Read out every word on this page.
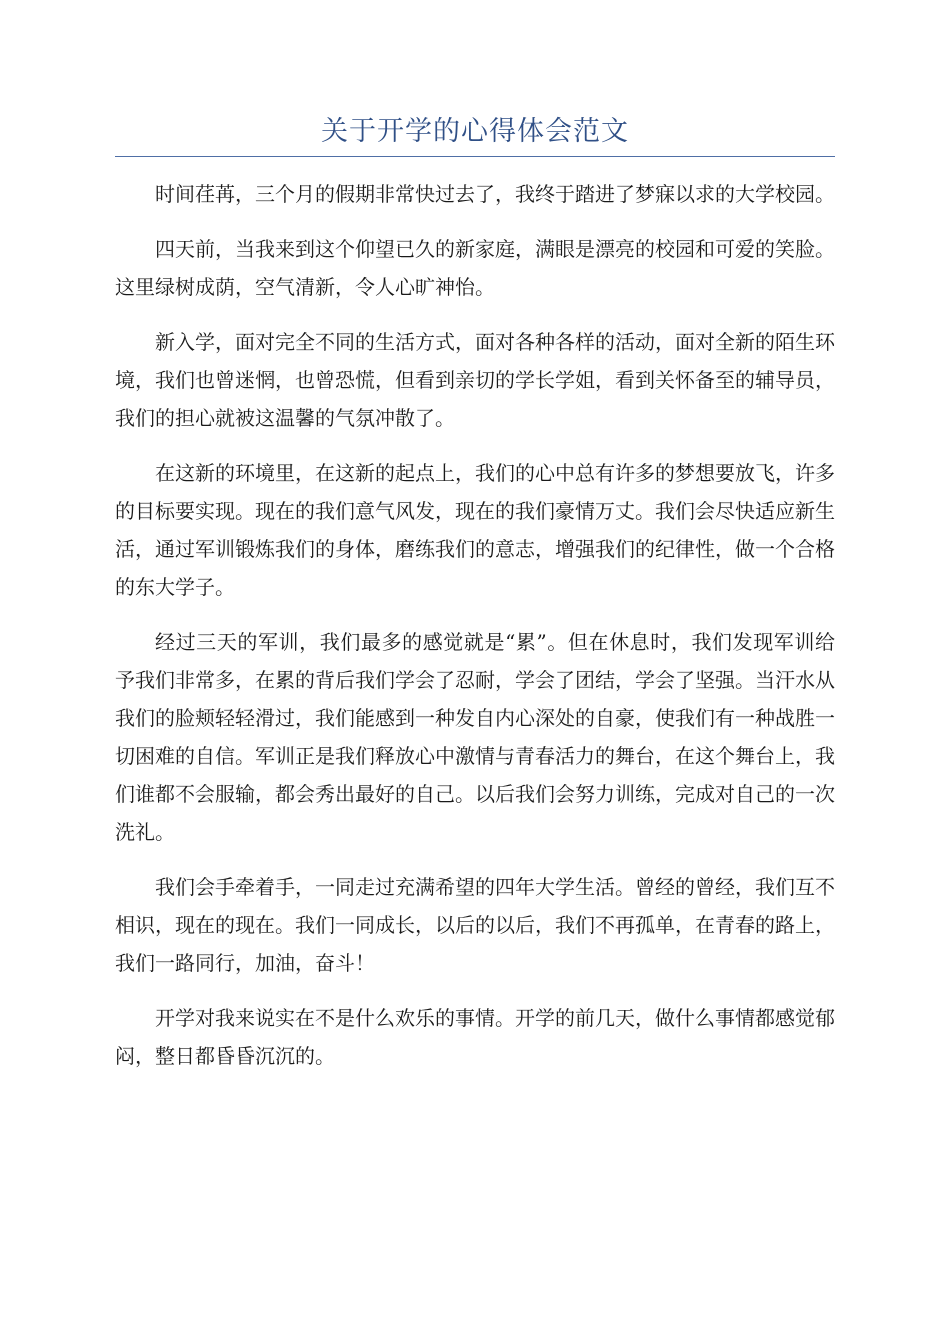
关于开学的心得体会范文

时间荏苒，三个月的假期非常快过去了，我终于踏进了梦寐以求的大学校园。

四天前，当我来到这个仰望已久的新家庭，满眼是漂亮的校园和可爱的笑脸。这里绿树成荫，空气清新，令人心旷神怡。

新入学，面对完全不同的生活方式，面对各种各样的活动，面对全新的陌生环境，我们也曾迷惘，也曾恐慌，但看到亲切的学长学姐，看到关怀备至的辅导员，我们的担心就被这温馨的气氛冲散了。

在这新的环境里，在这新的起点上，我们的心中总有许多的梦想要放飞，许多的目标要实现。现在的我们意气风发，现在的我们豪情万丈。我们会尽快适应新生活，通过军训锻炼我们的身体，磨练我们的意志，增强我们的纪律性，做一个合格的东大学子。

经过三天的军训，我们最多的感觉就是“累”。但在休息时，我们发现军训给予我们非常多，在累的背后我们学会了忍耐，学会了团结，学会了坚强。当汗水从我们的脸颊轻轻滑过，我们能感到一种发自内心深处的自豪，使我们有一种战胜一切困难的自信。军训正是我们释放心中激情与青春活力的舞台，在这个舞台上，我们谁都不会服输，都会秀出最好的自己。以后我们会努力训练，完成对自己的一次洗礼。

我们会手牵着手，一同走过充满希望的四年大学生活。曾经的曾经，我们互不相识，现在的现在。我们一同成长，以后的以后，我们不再孤单，在青春的路上，我们一路同行，加油，奋斗！

开学对我来说实在不是什么欢乐的事情。开学的前几天，做什么事情都感觉郁闷，整日都昏昏沉沉的。
